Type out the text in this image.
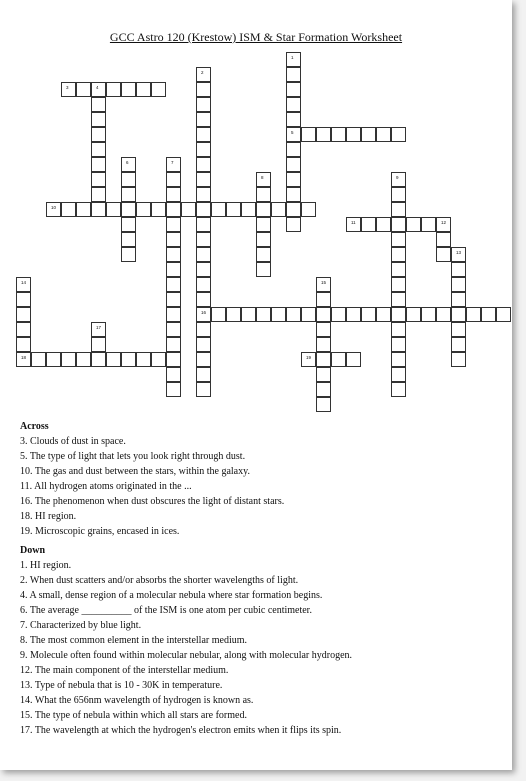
GCC Astro 120 (Krestow) ISM & Star Formation Worksheet
1
5
2
16
3	4
6	7
8	9
10
11	12
13
14
18
15
17
19
Across
3. Clouds of dust in space.
5. The type of light that lets you look right through dust.
10. The gas and dust between the stars, within the galaxy.
11. All hydrogen atoms originated in the ...
16. The phenomenon when dust obscures the light of distant stars.
18. HI region.
19. Microscopic grains, encased in ices.
Down
1. HI region.
2. When dust scatters and/or absorbs the shorter wavelengths of light.
4. A small, dense region of a molecular nebula where star formation begins.
6. The average __________ of the ISM is one atom per cubic centimeter.
7. Characterized by blue light.
8. The most common element in the interstellar medium.
9. Molecule often found within molecular nebular, along with molecular hydrogen.
12. The main component of the interstellar medium.
13. Type of nebula that is 10 - 30K in temperature.
14. What the 656nm wavelength of hydrogen is known as.
15. The type of nebula within which all stars are formed.
17. The wavelength at which the hydrogen's electron emits when it flips its spin.
